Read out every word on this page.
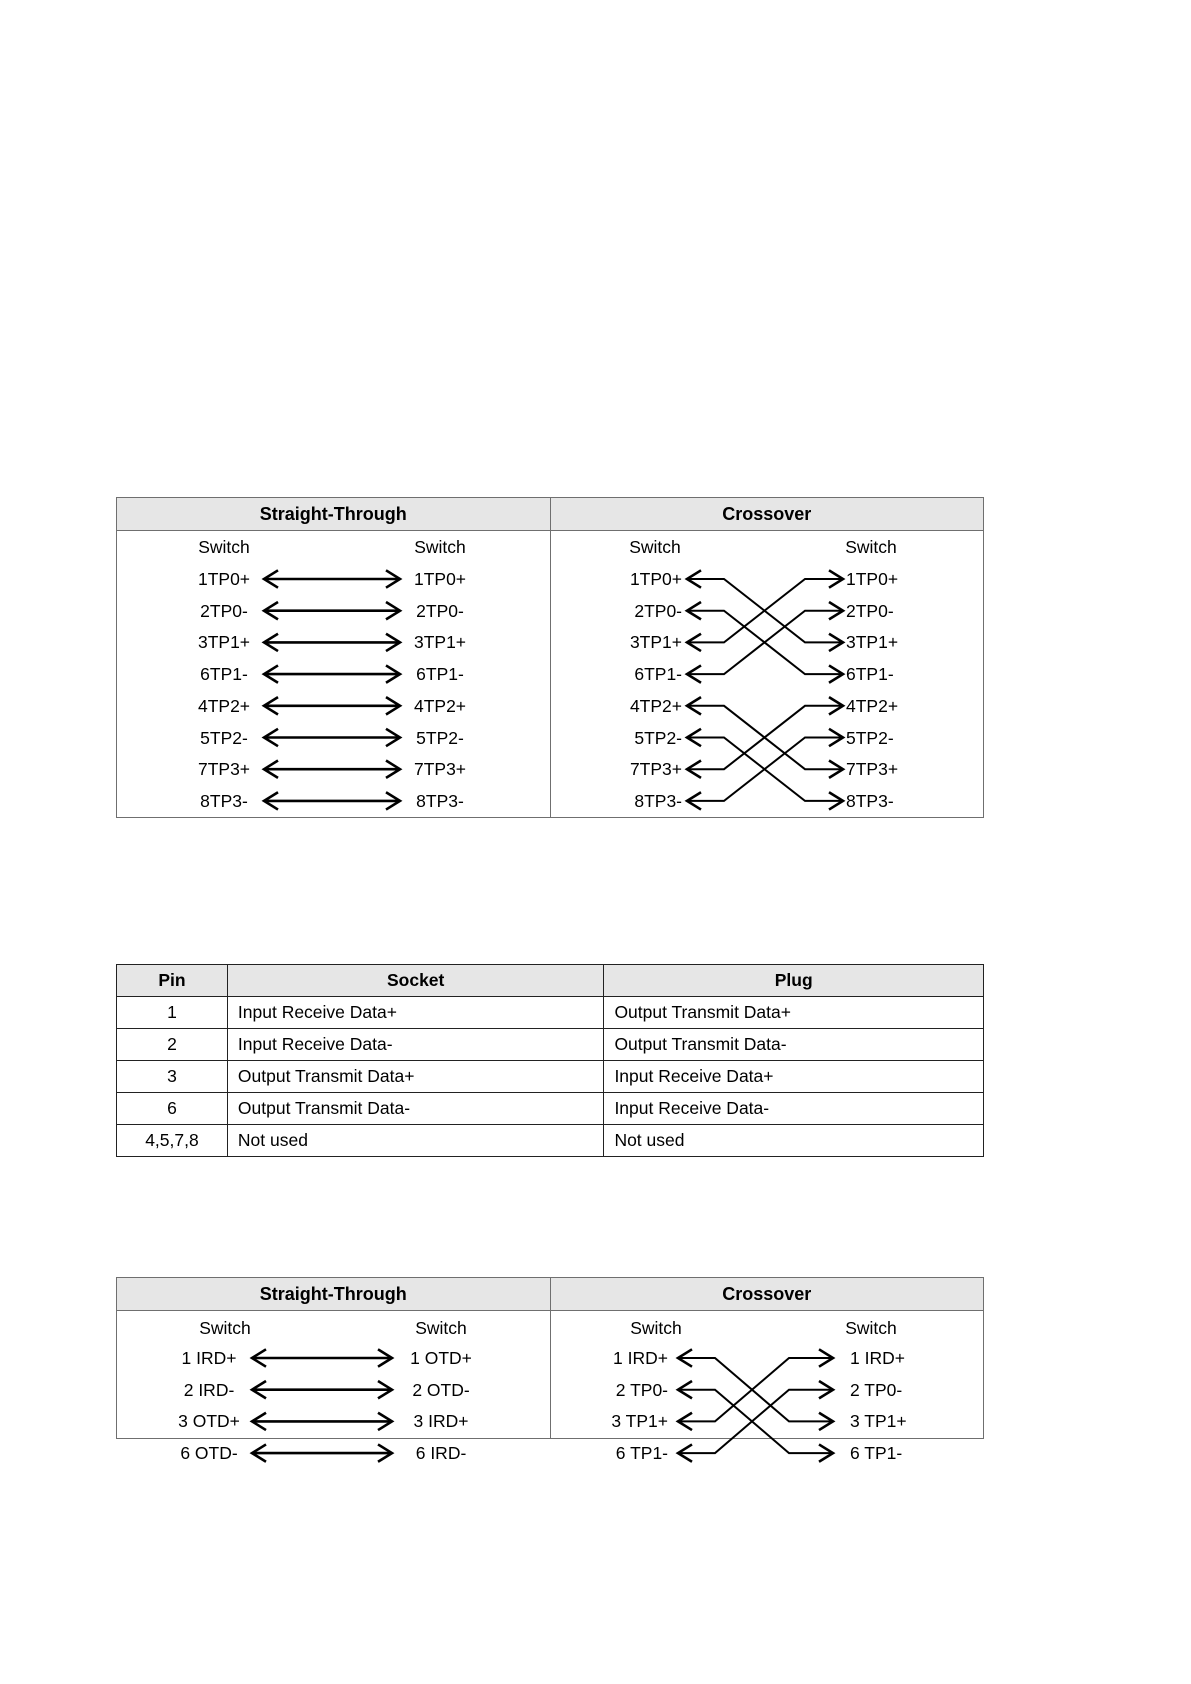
Straight-Through	Crossover
Switch	Switch	Switch	Switch
1TP0+	1TP0+	1TP0+	1TP0+
2TP0-	2TP0-	2TP0-	2TP0-
3TP1+	3TP1+	3TP1+	3TP1+
6TP1-	6TP1-	6TP1-	6TP1-
4TP2+	4TP2+	4TP2+	4TP2+
5TP2-	5TP2-	5TP2-	5TP2-
7TP3+	7TP3+	7TP3+	7TP3+
8TP3-	8TP3-	8TP3-	8TP3-
Pin	Socket	Plug
1	Input Receive Data+	Output Transmit Data+
2	Input Receive Data-	Output Transmit Data-
3	Output Transmit Data+	Input Receive Data+
6	Output Transmit Data-	Input Receive Data-
4,5,7,8	Not used	Not used
Straight-Through	Crossover
Switch	Switch	Switch	Switch
1 IRD+	1 OTD+	1 IRD+	1 IRD+
2 IRD-	2 OTD-	2 TP0-	2 TP0-
3 OTD+	3 IRD+	3 TP1+	3 TP1+
6 OTD-	6 IRD-	6 TP1-	6 TP1-
